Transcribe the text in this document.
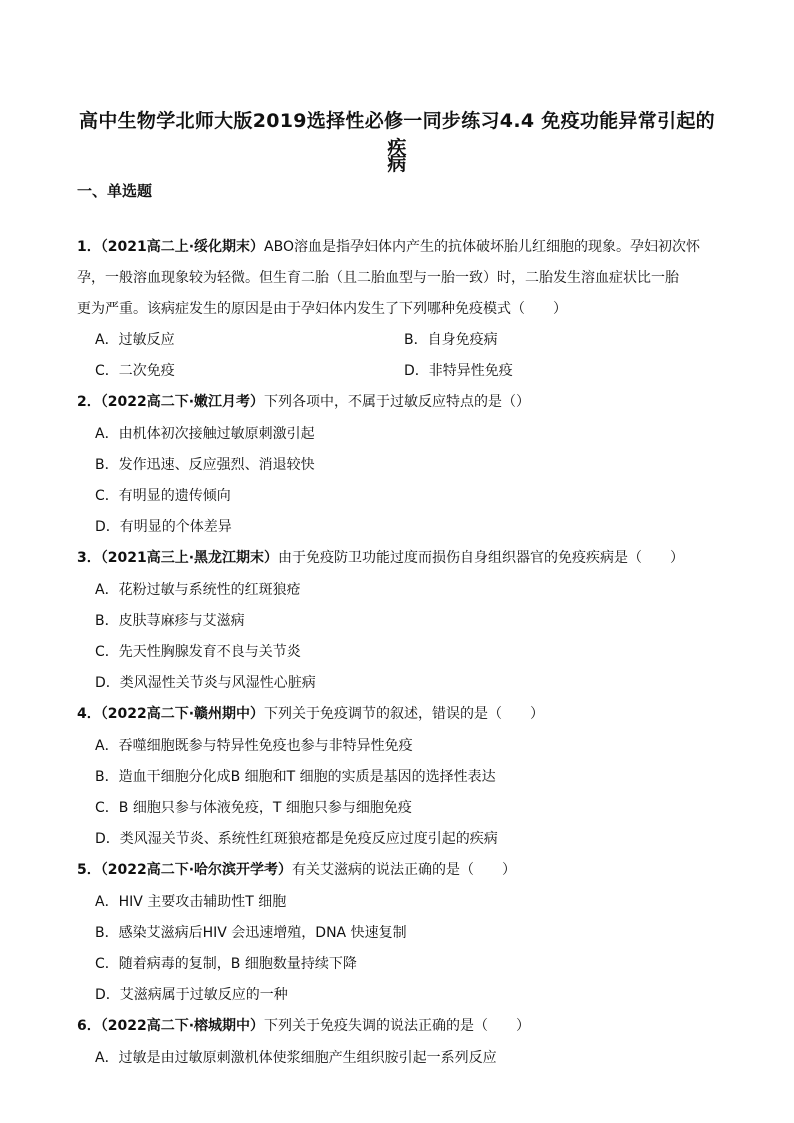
高中生物学北师大版2019选择性必修一同步练习4.4 免疫功能异常引起的疾
病
一、单选题
1．（2021高二上·绥化期末）ABO溶血是指孕妇体内产生的抗体破坏胎儿红细胞的现象。孕妇初次怀
孕，一般溶血现象较为轻微。但生育二胎（且二胎血型与一胎一致）时，二胎发生溶血症状比一胎
更为严重。该病症发生的原因是由于孕妇体内发生了下列哪种免疫模式（　　）
A．过敏反应	B．自身免疫病
C．二次免疫	D．非特异性免疫
2．（2022高二下·嫩江月考）下列各项中，不属于过敏反应特点的是（）
A．由机体初次接触过敏原刺激引起
B．发作迅速、反应强烈、消退较快
C．有明显的遗传倾向
D．有明显的个体差异
3．（2021高三上·黑龙江期末）由于免疫防卫功能过度而损伤自身组织器官的免疫疾病是（　　）
A．花粉过敏与系统性的红斑狼疮
B．皮肤荨麻疹与艾滋病
C．先天性胸腺发育不良与关节炎
D．类风湿性关节炎与风湿性心脏病
4．（2022高二下·赣州期中）下列关于免疫调节的叙述，错误的是（　　）
A．吞噬细胞既参与特异性免疫也参与非特异性免疫
B．造血干细胞分化成B 细胞和T 细胞的实质是基因的选择性表达
C．B 细胞只参与体液免疫，T 细胞只参与细胞免疫
D．类风湿关节炎、系统性红斑狼疮都是免疫反应过度引起的疾病
5．（2022高二下·哈尔滨开学考）有关艾滋病的说法正确的是（　　）
A．HIV 主要攻击辅助性T 细胞
B．感染艾滋病后HIV 会迅速增殖，DNA 快速复制
C．随着病毒的复制，B 细胞数量持续下降
D．艾滋病属于过敏反应的一种
6．（2022高二下·榕城期中）下列关于免疫失调的说法正确的是（　　）
A．过敏是由过敏原刺激机体使浆细胞产生组织胺引起一系列反应
